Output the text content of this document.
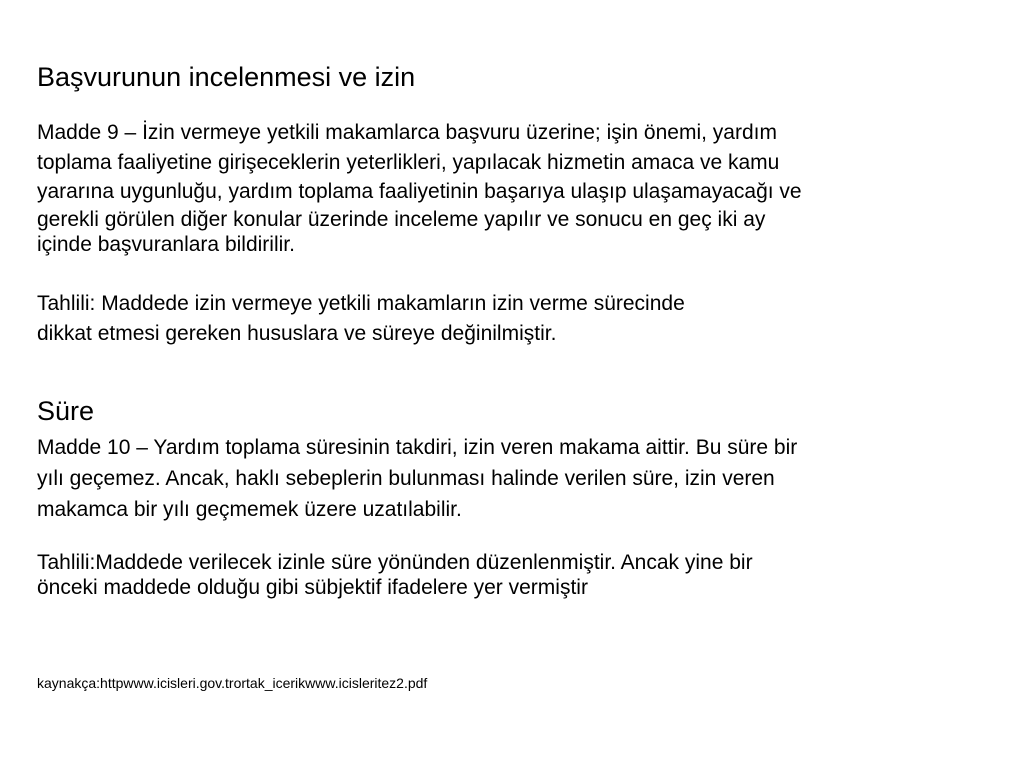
Başvurunun incelenmesi ve izin
Madde 9 – İzin vermeye yetkili makamlarca başvuru üzerine; işin önemi, yardım
toplama faaliyetine girişeceklerin yeterlikleri, yapılacak hizmetin amaca ve kamu
yararına uygunluğu, yardım toplama faaliyetinin başarıya ulaşıp ulaşamayacağı ve
gerekli görülen diğer konular üzerinde inceleme yapılır ve sonucu en geç iki ay
içinde başvuranlara bildirilir.
Tahlili: Maddede izin vermeye yetkili makamların izin verme sürecinde
dikkat etmesi gereken hususlara ve süreye değinilmiştir.
Süre
Madde 10 – Yardım toplama süresinin takdiri, izin veren makama aittir. Bu süre bir
yılı geçemez. Ancak, haklı sebeplerin bulunması halinde verilen süre, izin veren
makamca bir yılı geçmemek üzere uzatılabilir.
Tahlili:Maddede verilecek izinle süre yönünden düzenlenmiştir. Ancak yine bir
önceki maddede olduğu gibi sübjektif ifadelere yer vermiştir

kaynakça:httpwww.icisleri.gov.trortak_icerikwww.icisleritez2.pdf
